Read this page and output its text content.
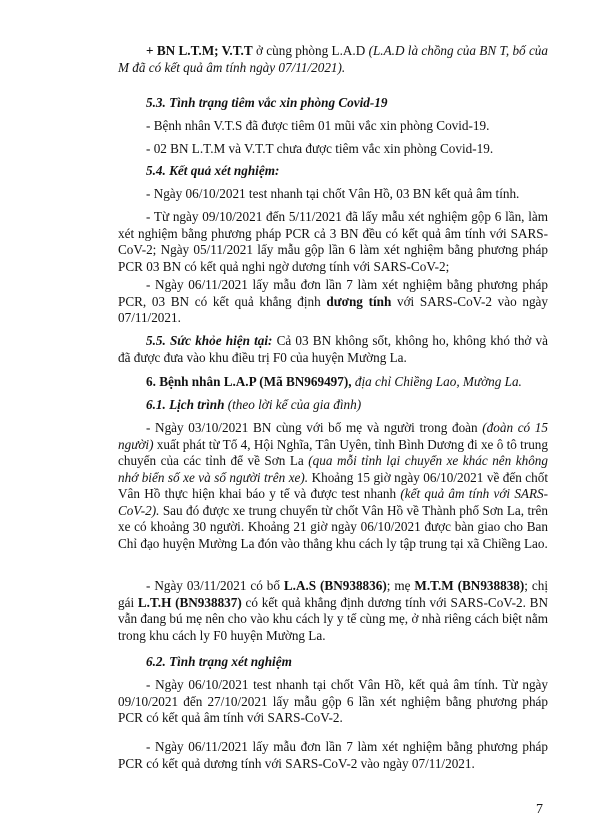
+ BN L.T.M; V.T.T ở cùng phòng L.A.D (L.A.D là chồng của BN T, bố của M đã có kết quả âm tính ngày 07/11/2021).
5.3. Tình trạng tiêm vắc xin phòng Covid-19
- Bệnh nhân V.T.S đã được tiêm 01 mũi vắc xin phòng Covid-19.
- 02 BN L.T.M và V.T.T chưa được tiêm vắc xin phòng Covid-19.
5.4. Kết quả xét nghiệm:
- Ngày 06/10/2021 test nhanh tại chốt Vân Hồ, 03 BN kết quả âm tính.
- Từ ngày 09/10/2021 đến 5/11/2021 đã lấy mẫu xét nghiệm gộp 6 lần, làm xét nghiệm bằng phương pháp PCR cả 3 BN đều có kết quả âm tính với SARS-CoV-2; Ngày 05/11/2021 lấy mẫu gộp lần 6 làm xét nghiệm bằng phương pháp PCR 03 BN có kết quả nghi ngờ dương tính với SARS-CoV-2;
- Ngày 06/11/2021 lấy mẫu đơn lần 7 làm xét nghiệm bằng phương pháp PCR, 03 BN có kết quả khẳng định dương tính với SARS-CoV-2 vào ngày 07/11/2021.
5.5. Sức khỏe hiện tại: Cả 03 BN không sốt, không ho, không khó thở và đã được đưa vào khu điều trị F0 của huyện Mường La.
6. Bệnh nhân L.A.P (Mã BN969497), địa chỉ Chiềng Lao, Mường La.
6.1. Lịch trình (theo lời kể của gia đình)
- Ngày 03/10/2021 BN cùng với bố mẹ và người trong đoàn (đoàn có 15 người) xuất phát từ Tổ 4, Hội Nghĩa, Tân Uyên, tỉnh Bình Dương đi xe ô tô trung chuyển của các tỉnh để về Sơn La (qua mỗi tỉnh lại chuyển xe khác nên không nhớ biển số xe và số người trên xe). Khoảng 15 giờ ngày 06/10/2021 về đến chốt Vân Hồ thực hiện khai báo y tế và được test nhanh (kết quả âm tính với SARS-CoV-2). Sau đó được xe trung chuyển từ chốt Vân Hồ về Thành phố Sơn La, trên xe có khoảng 30 người. Khoảng 21 giờ ngày 06/10/2021 được bàn giao cho Ban Chỉ đạo huyện Mường La đón vào thẳng khu cách ly tập trung tại xã Chiềng Lao.
- Ngày 03/11/2021 có bố L.A.S (BN938836); mẹ M.T.M (BN938838); chị gái L.T.H (BN938837) có kết quả khẳng định dương tính với SARS-CoV-2. BN vẫn đang bú mẹ nên cho vào khu cách ly y tế cùng mẹ, ở nhà riêng cách biệt nằm trong khu cách ly F0 huyện Mường La.
6.2. Tình trạng xét nghiệm
- Ngày 06/10/2021 test nhanh tại chốt Vân Hồ, kết quả âm tính. Từ ngày 09/10/2021 đến 27/10/2021 lấy mẫu gộp 6 lần xét nghiệm bằng phương pháp PCR có kết quả âm tính với SARS-CoV-2.
- Ngày 06/11/2021 lấy mẫu đơn lần 7 làm xét nghiệm bằng phương pháp PCR có kết quả dương tính với SARS-CoV-2 vào ngày 07/11/2021.
7
